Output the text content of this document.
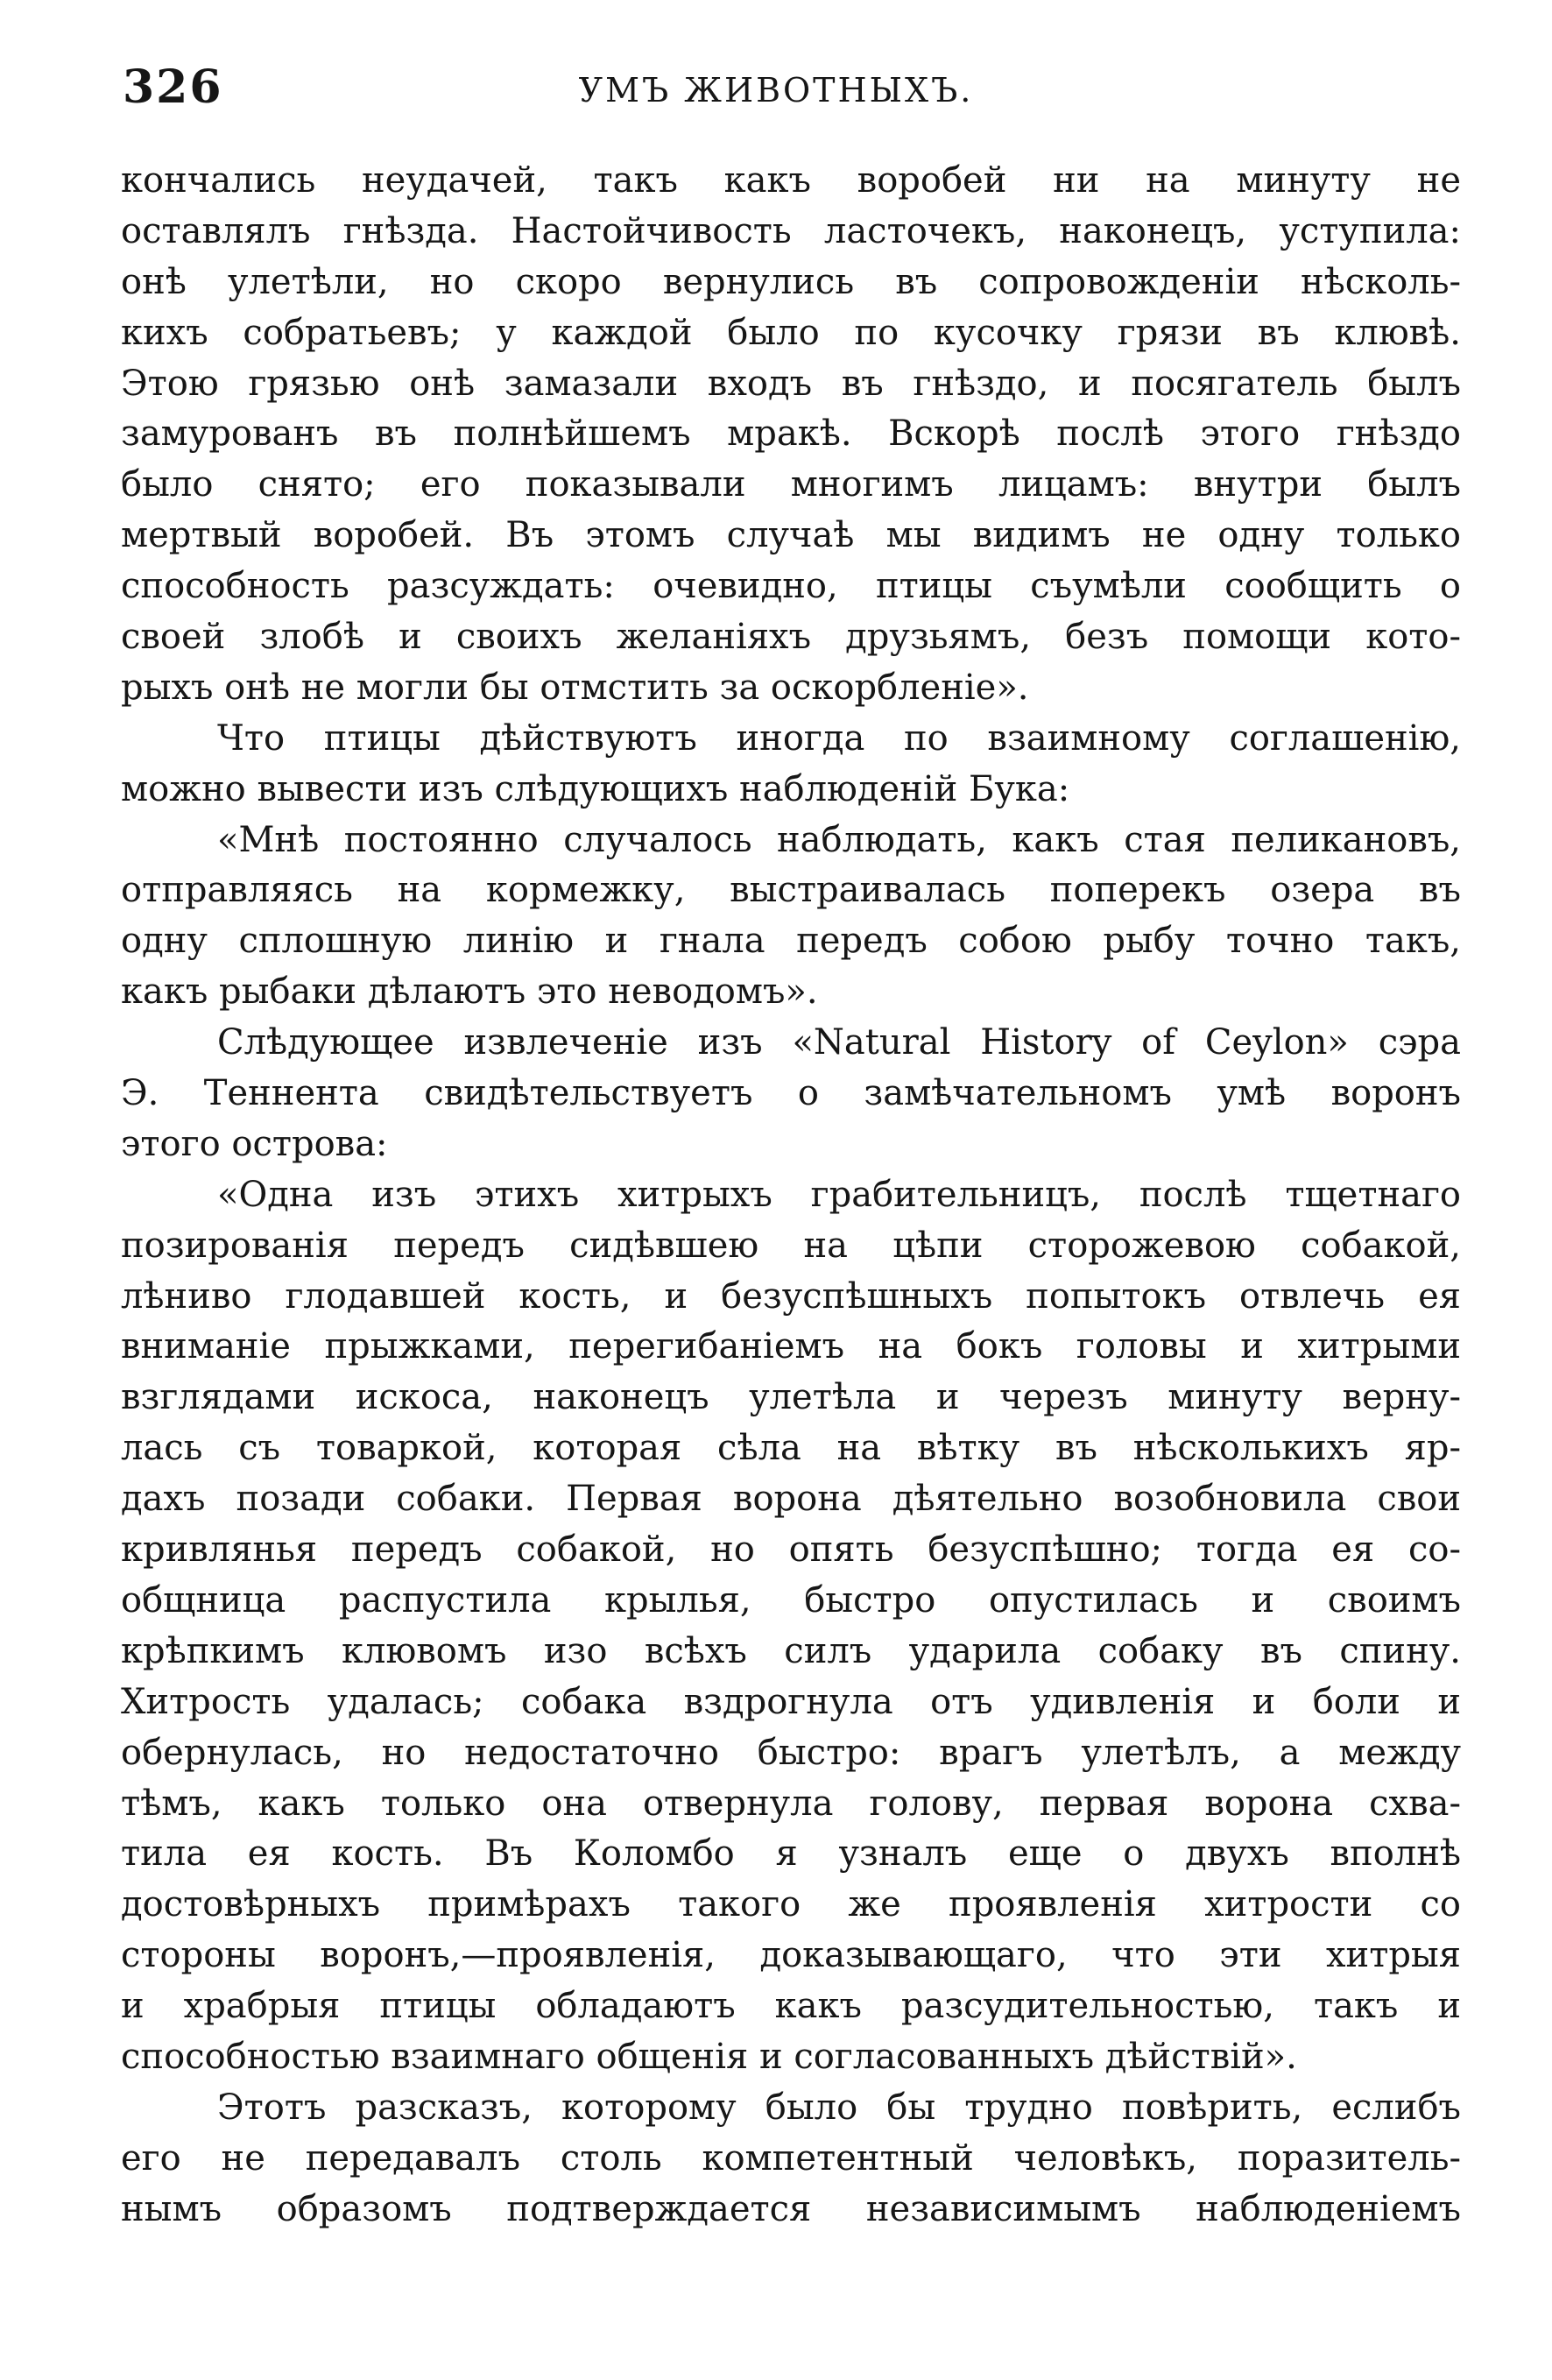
326	УМЪ ЖИВОТНЫХЪ.
кончались неудачей, такъ какъ воробей ни на минуту не
оставлялъ гнѣзда. Настойчивость ласточекъ, наконецъ, уступила:
онѣ улетѣли, но скоро вернулись въ сопровожденіи нѣсколь-
кихъ собратьевъ; у каждой было по кусочку грязи въ клювѣ.
Этою грязью онѣ замазали входъ въ гнѣздо, и посягатель былъ
замурованъ въ полнѣйшемъ мракѣ. Вскорѣ послѣ этого гнѣздо
было снято; его показывали многимъ лицамъ: внутри былъ
мертвый воробей. Въ этомъ случаѣ мы видимъ не одну только
способность разсуждать: очевидно, птицы съумѣли сообщить о
своей злобѣ и своихъ желаніяхъ друзьямъ, безъ помощи кото-
рыхъ онѣ не могли бы отмстить за оскорбленіе».
Что птицы дѣйствуютъ иногда по взаимному соглашенію,
можно вывести изъ слѣдующихъ наблюденій Бука:
«Мнѣ постоянно случалось наблюдать, какъ стая пеликановъ,
отправляясь на кормежку, выстраивалась поперекъ озера въ
одну сплошную линію и гнала передъ собою рыбу точно такъ,
какъ рыбаки дѣлаютъ это неводомъ».
Слѣдующее извлеченіе изъ «Natural History of Ceylon» сэра
Э. Теннента свидѣтельствуетъ о замѣчательномъ умѣ воронъ
этого острова:
«Одна изъ этихъ хитрыхъ грабительницъ, послѣ тщетнаго
позированія передъ сидѣвшею на цѣпи сторожевою собакой,
лѣниво глодавшей кость, и безуспѣшныхъ попытокъ отвлечь ея
вниманіе прыжками, перегибаніемъ на бокъ головы и хитрыми
взглядами искоса, наконецъ улетѣла и черезъ минуту верну-
лась съ товаркой, которая сѣла на вѣтку въ нѣсколькихъ яр-
дахъ позади собаки. Первая ворона дѣятельно возобновила свои
кривлянья передъ собакой, но опять безуспѣшно; тогда ея со-
общница распустила крылья, быстро опустилась и своимъ
крѣпкимъ клювомъ изо всѣхъ силъ ударила собаку въ спину.
Хитрость удалась; собака вздрогнула отъ удивленія и боли и
обернулась, но недостаточно быстро: врагъ улетѣлъ, а между
тѣмъ, какъ только она отвернула голову, первая ворона схва-
тила ея кость. Въ Коломбо я узналъ еще о двухъ вполнѣ
достовѣрныхъ примѣрахъ такого же проявленія хитрости со
стороны воронъ,—проявленія, доказывающаго, что эти хитрыя
и храбрыя птицы обладаютъ какъ разсудительностью, такъ и
способностью взаимнаго общенія и согласованныхъ дѣйствій».
Этотъ разсказъ, которому было бы трудно повѣрить, еслибъ
его не передавалъ столь компетентный человѣкъ, поразитель-
нымъ образомъ подтверждается независимымъ наблюденіемъ
